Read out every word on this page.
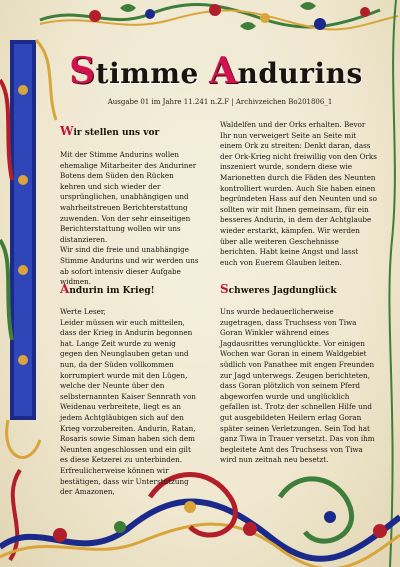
Stimme Andurins
Ausgabe 01 im Jahre 11.241 n.Z.F | Archivzeichen Bo201806_1
Wir stellen uns vor

Mit der Stimme Andurins wollen ehemalige Mitarbeiter des Anduriner Botens dem Süden den Rücken kehren und sich wieder der ursprünglichen, unabhängigen und wahrheitstreuen Berichterstattung zuwenden. Von der sehr einseitigen Berichterstattung wollen wir uns distanzieren.

Wir sind die freie und unabhängige Stimme Andurins und wir werden uns ab sofort intensiv dieser Aufgabe widmen.

Andurin im Krieg!

Werte Leser,

Leider müssen wir euch mitteilen, dass der Krieg in Andurin begonnen hat. Lange Zeit wurde zu wenig gegen den Neunglauben getan und nun, da der Süden vollkommen korrumpiert wurde mit den Lügen, welche der Neunte über den selbsternannten Kaiser Sennrath von Weidenau verbreitete, liegt es an jedem Achtgläubigen sich auf den Krieg vorzubereiten. Andurin, Ratan, Rosaris sowie Siman haben sich dem Neunten angeschlossen und ein gilt es diese Ketzerei zu unterbinden.

Erfreulicherweise können wir bestätigen, dass wir Unterstützung der Amazonen,

Waldelfen und der Orks erhalten. Bevor Ihr nun verweigert Seite an Seite mit einem Ork zu streiten: Denkt daran, dass der Ork-Krieg nicht freiwillig von den Orks inszeniert wurde, sondern diese wie Marionetten durch die Fäden des Neunten kontrolliert wurden. Auch Sie haben einen begründeten Hass auf den Neunten und so sollten wir mit Ihnen gemeinsam, für ein besseres Andurin, in dem der Achtglaube wieder erstarkt, kämpfen. Wir werden über alle weiteren Geschehnisse berichten. Habt keine Angst und lasst euch von Euerem Glauben leiten.

Schweres Jagdunglück

Uns wurde bedauerlicherweise zugetragen, dass Truchsess von Tiwa Goran Winkler während eines Jagdausrittes verunglückte. Vor einigen Wochen war Goran in einem Waldgebiet südlich von Panathee mit engen Freunden zur Jagd unterwegs. Zeugen berichteten, dass Goran plötzlich von seinem Pferd abgeworfen wurde und unglücklich gefallen ist. Trotz der schnellen Hilfe und gut ausgebildeten Heilern erlag Goran später seinen Verletzungen. Sein Tod hat ganz Tiwa in Trauer versetzt. Das von ihm begleitete Amt des Truchsess von Tiwa wird nun zeitnah neu besetzt.
